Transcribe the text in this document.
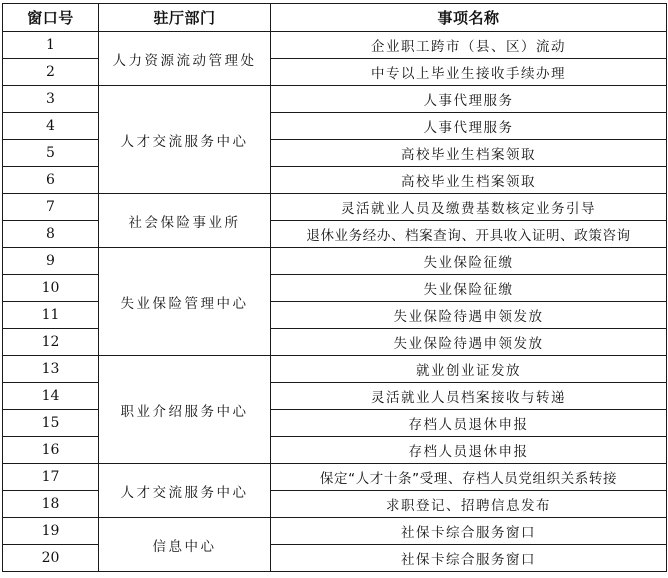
窗口号	驻厅部门	事项名称
1	人力资源流动管理处	企业职工跨市（县、区）流动
2		中专以上毕业生接收手续办理
3	人才交流服务中心	人事代理服务
4		人事代理服务
5		高校毕业生档案领取
6		高校毕业生档案领取
7	社会保险事业所	灵活就业人员及缴费基数核定业务引导
8		退休业务经办、档案查询、开具收入证明、政策咨询
9	失业保险管理中心	失业保险征缴
10		失业保险征缴
11		失业保险待遇申领发放
12		失业保险待遇申领发放
13	职业介绍服务中心	就业创业证发放
14		灵活就业人员档案接收与转递
15		存档人员退休申报
16		存档人员退休申报
17	人才交流服务中心	保定“人才十条”受理、存档人员党组织关系转接
18		求职登记、招聘信息发布
19	信息中心	社保卡综合服务窗口
20		社保卡综合服务窗口
